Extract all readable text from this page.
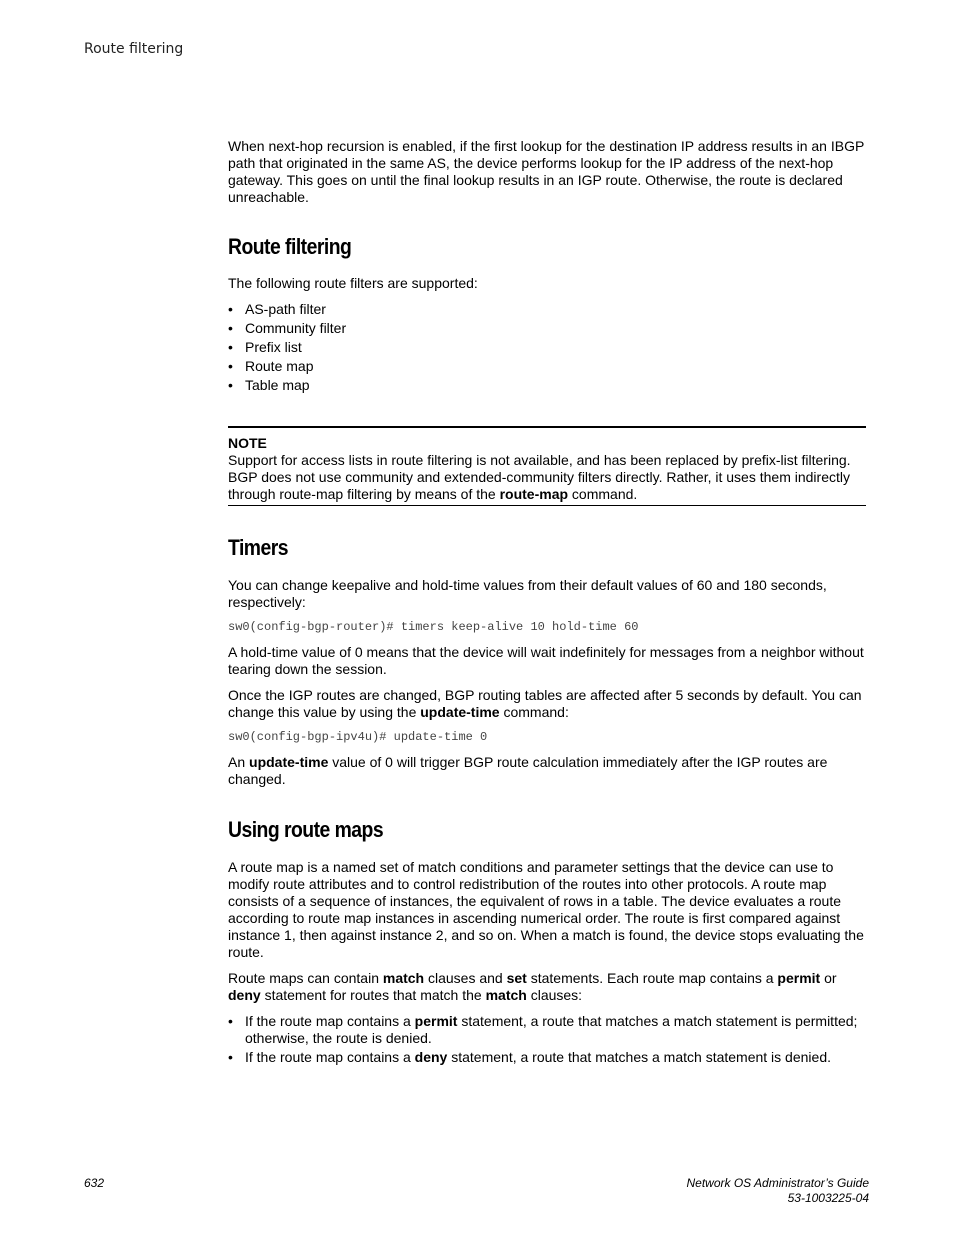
Route filtering

When next-hop recursion is enabled, if the first lookup for the destination IP address results in an IBGP path that originated in the same AS, the device performs lookup for the IP address of the next-hop gateway. This goes on until the final lookup results in an IGP route. Otherwise, the route is declared unreachable.

Route filtering

The following route filters are supported:

• AS-path filter
• Community filter
• Prefix list
• Route map
• Table map

NOTE

Support for access lists in route filtering is not available, and has been replaced by prefix-list filtering. BGP does not use community and extended-community filters directly. Rather, it uses them indirectly through route-map filtering by means of the route-map command.

Timers

You can change keepalive and hold-time values from their default values of 60 and 180 seconds, respectively:

sw0(config-bgp-router)# timers keep-alive 10 hold-time 60

A hold-time value of 0 means that the device will wait indefinitely for messages from a neighbor without tearing down the session.

Once the IGP routes are changed, BGP routing tables are affected after 5 seconds by default. You can change this value by using the update-time command:

sw0(config-bgp-ipv4u)# update-time 0

An update-time value of 0 will trigger BGP route calculation immediately after the IGP routes are changed.

Using route maps

A route map is a named set of match conditions and parameter settings that the device can use to modify route attributes and to control redistribution of the routes into other protocols. A route map consists of a sequence of instances, the equivalent of rows in a table. The device evaluates a route according to route map instances in ascending numerical order. The route is first compared against instance 1, then against instance 2, and so on. When a match is found, the device stops evaluating the route.

Route maps can contain match clauses and set statements. Each route map contains a permit or deny statement for routes that match the match clauses:

• If the route map contains a permit statement, a route that matches a match statement is permitted; otherwise, the route is denied.
• If the route map contains a deny statement, a route that matches a match statement is denied.
632	Network OS Administrator’s Guide
53-1003225-04
